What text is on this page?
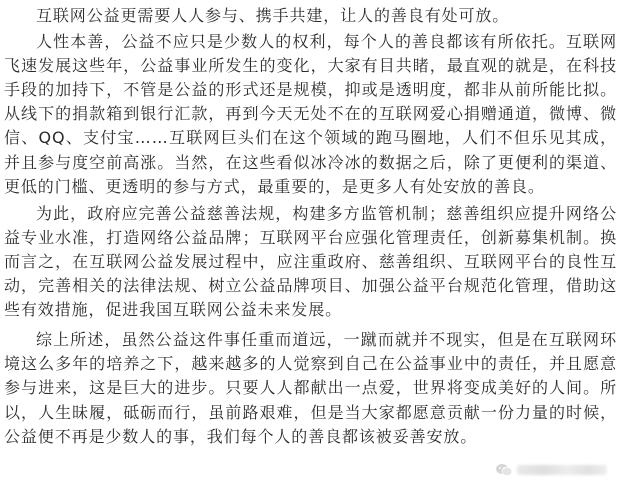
互联网公益更需要人人参与、携手共建，让人的善良有处可放。

人性本善，公益不应只是少数人的权利，每个人的善良都该有所依托。互联网飞速发展这些年，公益事业所发生的变化，大家有目共睹，最直观的就是，在科技手段的加持下，不管是公益的形式还是规模，抑或是透明度，都非从前所能比拟。从线下的捐款箱到银行汇款，再到今天无处不在的互联网爱心捐赠通道，微博、微信、QQ、支付宝……互联网巨头们在这个领域的跑马圈地，人们不但乐见其成，并且参与度空前高涨。当然，在这些看似冰冷冰的数据之后，除了更便利的渠道、更低的门槛、更透明的参与方式，最重要的，是更多人有处安放的善良。

为此，政府应完善公益慈善法规，构建多方监管机制；慈善组织应提升网络公益专业水准，打造网络公益品牌；互联网平台应强化管理责任，创新募集机制。换而言之，在互联网公益发展过程中，应注重政府、慈善组织、互联网平台的良性互动，完善相关的法律法规、树立公益品牌项目、加强公益平台规范化管理，借助这些有效措施，促进我国互联网公益未来发展。

综上所述，虽然公益这件事任重而道远，一蹴而就并不现实，但是在互联网环境这么多年的培养之下，越来越多的人觉察到自己在公益事业中的责任，并且愿意参与进来，这是巨大的进步。只要人人都献出一点爱，世界将变成美好的人间。所以，人生昧履，砥砺而行，虽前路艰难，但是当大家都愿意贡献一份力量的时候，公益便不再是少数人的事，我们每个人的善良都该被妥善安放。
